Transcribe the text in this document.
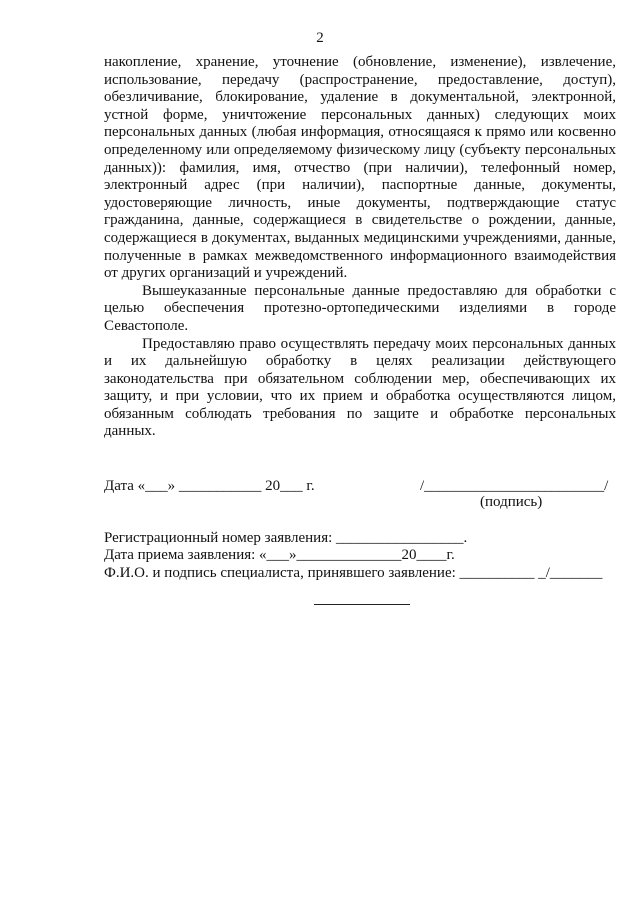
2

накопление, хранение, уточнение (обновление, изменение), извлечение, использование, передачу (распространение, предоставление, доступ), обезличивание, блокирование, удаление в документальной, электронной, устной форме, уничтожение персональных данных) следующих моих персональных данных (любая информация, относящаяся к прямо или косвенно определенному или определяемому физическому лицу (субъекту персональных данных)): фамилия, имя, отчество (при наличии), телефонный номер, электронный адрес (при наличии), паспортные данные, документы, удостоверяющие личность, иные документы, подтверждающие статус гражданина, данные, содержащиеся в свидетельстве о рождении, данные, содержащиеся в документах, выданных медицинскими учреждениями, данные, полученные в рамках межведомственного информационного взаимодействия от других организаций и учреждений.

Вышеуказанные персональные данные предоставляю для обработки с целью обеспечения протезно-ортопедическими изделиями в городе Севастополе.

Предоставляю право осуществлять передачу моих персональных данных и их дальнейшую обработку в целях реализации действующего законодательства при обязательном соблюдении мер, обеспечивающих их защиту, и при условии, что их прием и обработка осуществляются лицом, обязанным соблюдать требования по защите и обработке персональных данных.

Дата «___» ___________ 20___ г.	/________________________/
(подпись)
Регистрационный номер заявления: _________________.
Дата приема заявления: «___»______________20____г.
Ф.И.О. и подпись специалиста, принявшего заявление: __________ _/_______
